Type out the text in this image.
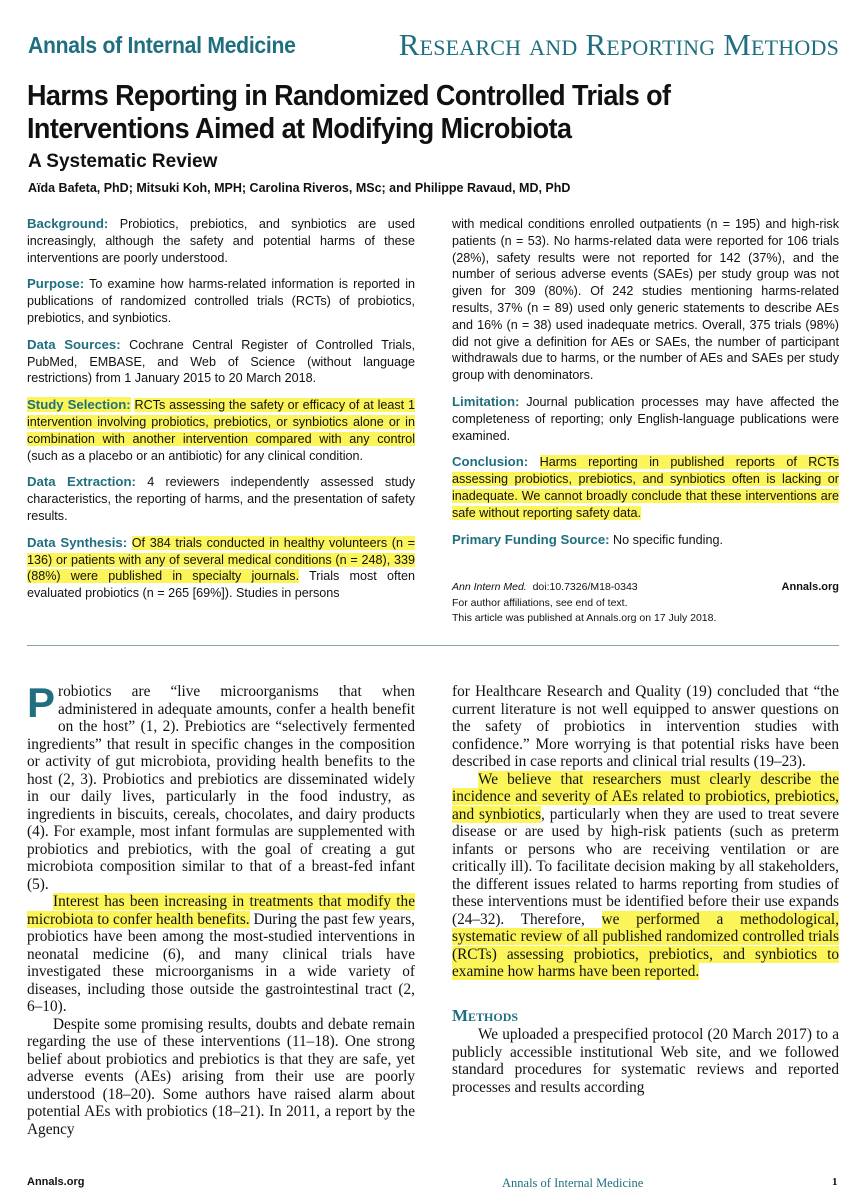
Annals of Internal Medicine	Research and Reporting Methods
Harms Reporting in Randomized Controlled Trials of Interventions Aimed at Modifying Microbiota
A Systematic Review
Aïda Bafeta, PhD; Mitsuki Koh, MPH; Carolina Riveros, MSc; and Philippe Ravaud, MD, PhD

Background: Probiotics, prebiotics, and synbiotics are used increasingly, although the safety and potential harms of these interventions are poorly understood.

Purpose: To examine how harms-related information is reported in publications of randomized controlled trials (RCTs) of probiotics, prebiotics, and synbiotics.

Data Sources: Cochrane Central Register of Controlled Trials, PubMed, EMBASE, and Web of Science (without language restrictions) from 1 January 2015 to 20 March 2018.

Study Selection: RCTs assessing the safety or efficacy of at least 1 intervention involving probiotics, prebiotics, or synbiotics alone or in combination with another intervention compared with any control (such as a placebo or an antibiotic) for any clinical condition.

Data Extraction: 4 reviewers independently assessed study characteristics, the reporting of harms, and the presentation of safety results.

Data Synthesis: Of 384 trials conducted in healthy volunteers (n = 136) or patients with any of several medical conditions (n = 248), 339 (88%) were published in specialty journals. Trials most often evaluated probiotics (n = 265 [69%]). Studies in persons

with medical conditions enrolled outpatients (n = 195) and high-risk patients (n = 53). No harms-related data were reported for 106 trials (28%), safety results were not reported for 142 (37%), and the number of serious adverse events (SAEs) per study group was not given for 309 (80%). Of 242 studies mentioning harms-related results, 37% (n = 89) used only generic statements to describe AEs and 16% (n = 38) used inadequate metrics. Overall, 375 trials (98%) did not give a definition for AEs or SAEs, the number of participant withdrawals due to harms, or the number of AEs and SAEs per study group with denominators.

Limitation: Journal publication processes may have affected the completeness of reporting; only English-language publications were examined.

Conclusion: Harms reporting in published reports of RCTs assessing probiotics, prebiotics, and synbiotics often is lacking or inadequate. We cannot broadly conclude that these interventions are safe without reporting safety data.

Primary Funding Source: No specific funding.

Ann Intern Med. doi:10.7326/M18-0343	Annals.org
For author affiliations, see end of text.
This article was published at Annals.org on 17 July 2018.

Probiotics are “live microorganisms that when administered in adequate amounts, confer a health benefit on the host” (1, 2). Prebiotics are “selectively fermented ingredients” that result in specific changes in the composition or activity of gut microbiota, providing health benefits to the host (2, 3). Probiotics and prebiotics are disseminated widely in our daily lives, particularly in the food industry, as ingredients in biscuits, cereals, chocolates, and dairy products (4). For example, most infant formulas are supplemented with probiotics and prebiotics, with the goal of creating a gut microbiota composition similar to that of a breast-fed infant (5).

Interest has been increasing in treatments that modify the microbiota to confer health benefits. During the past few years, probiotics have been among the most-studied interventions in neonatal medicine (6), and many clinical trials have investigated these microorganisms in a wide variety of diseases, including those outside the gastrointestinal tract (2, 6–10).

Despite some promising results, doubts and debate remain regarding the use of these interventions (11–18). One strong belief about probiotics and prebiotics is that they are safe, yet adverse events (AEs) arising from their use are poorly understood (18–20). Some authors have raised alarm about potential AEs with probiotics (18–21). In 2011, a report by the Agency

for Healthcare Research and Quality (19) concluded that “the current literature is not well equipped to answer questions on the safety of probiotics in intervention studies with confidence.” More worrying is that potential risks have been described in case reports and clinical trial results (19–23).

We believe that researchers must clearly describe the incidence and severity of AEs related to probiotics, prebiotics, and synbiotics, particularly when they are used to treat severe disease or are used by high-risk patients (such as preterm infants or persons who are receiving ventilation or are critically ill). To facilitate decision making by all stakeholders, the different issues related to harms reporting from studies of these interventions must be identified before their use expands (24–32). Therefore, we performed a methodological, systematic review of all published randomized controlled trials (RCTs) assessing probiotics, prebiotics, and synbiotics to examine how harms have been reported.

Methods

We uploaded a prespecified protocol (20 March 2017) to a publicly accessible institutional Web site, and we followed standard procedures for systematic reviews and reported processes and results according

Annals.org	Annals of Internal Medicine	1
